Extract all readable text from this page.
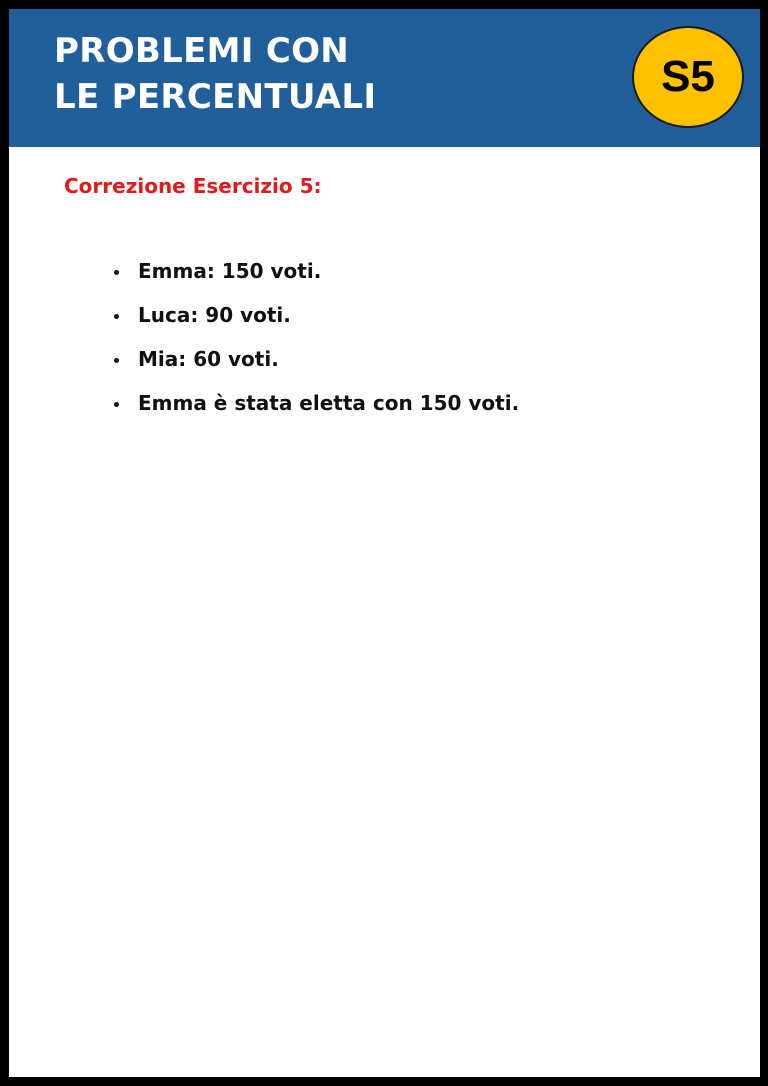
PROBLEMI CON
LE PERCENTUALI	S5
Correzione Esercizio 5:
Emma: 150 voti.
Luca: 90 voti.
Mia: 60 voti.
Emma è stata eletta con 150 voti.
